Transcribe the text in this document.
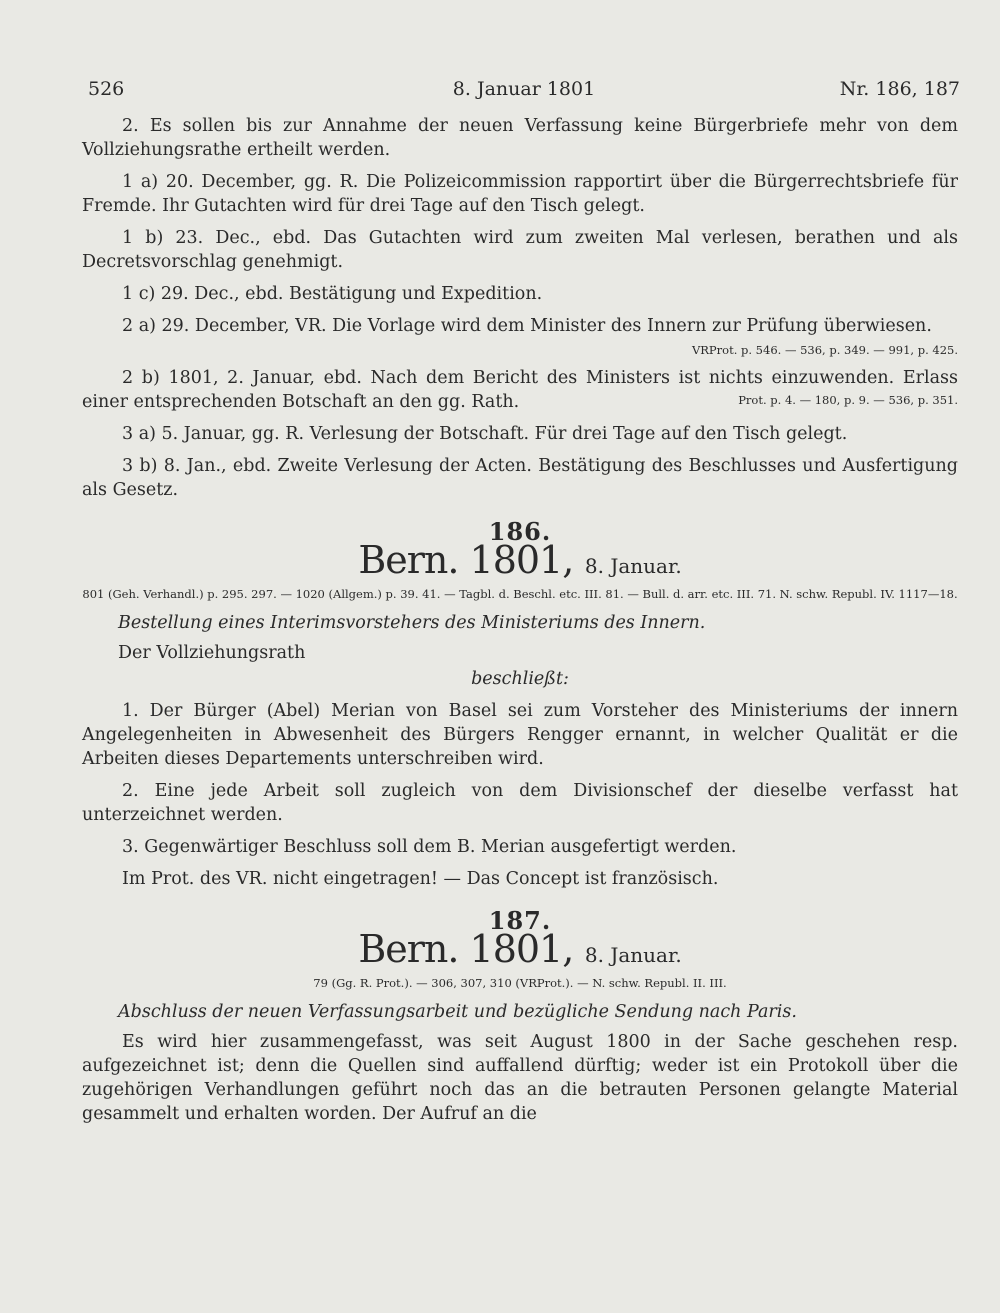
526	8. Januar 1801	Nr. 186, 187

2. Es sollen bis zur Annahme der neuen Verfassung keine Bürgerbriefe mehr von dem Vollziehungsrathe ertheilt werden.

1 a) 20. December, gg. R. Die Polizeicommission rapportirt über die Bürgerrechtsbriefe für Fremde. Ihr Gutachten wird für drei Tage auf den Tisch gelegt.

1 b) 23. Dec., ebd. Das Gutachten wird zum zweiten Mal verlesen, berathen und als Decretsvorschlag genehmigt.

1 c) 29. Dec., ebd. Bestätigung und Expedition.

2 a) 29. December, VR. Die Vorlage wird dem Minister des Innern zur Prüfung überwiesen.

VRProt. p. 546. — 536, p. 349. — 991, p. 425.

2 b) 1801, 2. Januar, ebd. Nach dem Bericht des Ministers ist nichts einzuwenden. Erlass einer entsprechenden Botschaft an den gg. Rath.	Prot. p. 4. — 180, p. 9. — 536, p. 351.

3 a) 5. Januar, gg. R. Verlesung der Botschaft. Für drei Tage auf den Tisch gelegt.

3 b) 8. Jan., ebd. Zweite Verlesung der Acten. Bestätigung des Beschlusses und Ausfertigung als Gesetz.

186.
Bern. 1801, 8. Januar.
801 (Geh. Verhandl.) p. 295. 297. — 1020 (Allgem.) p. 39. 41. — Tagbl. d. Beschl. etc. III. 81. — Bull. d. arr. etc. III. 71. N. schw. Republ. IV. 1117—18.
Bestellung eines Interimsvorstehers des Ministeriums des Innern.
Der Vollziehungsrath
beschließt:

1. Der Bürger (Abel) Merian von Basel sei zum Vorsteher des Ministeriums der innern Angelegenheiten in Abwesenheit des Bürgers Rengger ernannt, in welcher Qualität er die Arbeiten dieses Departements unterschreiben wird.

2. Eine jede Arbeit soll zugleich von dem Divisionschef der dieselbe verfasst hat unterzeichnet werden.

3. Gegenwärtiger Beschluss soll dem B. Merian ausgefertigt werden.

Im Prot. des VR. nicht eingetragen! — Das Concept ist französisch.

187.
Bern. 1801, 8. Januar.
79 (Gg. R. Prot.). — 306, 307, 310 (VRProt.). — N. schw. Republ. II. III.
Abschluss der neuen Verfassungsarbeit und bezügliche Sendung nach Paris.

Es wird hier zusammengefasst, was seit August 1800 in der Sache geschehen resp. aufgezeichnet ist; denn die Quellen sind auffallend dürftig; weder ist ein Protokoll über die zugehörigen Verhandlungen geführt noch das an die betrauten Personen gelangte Material gesammelt und erhalten worden. Der Aufruf an die
